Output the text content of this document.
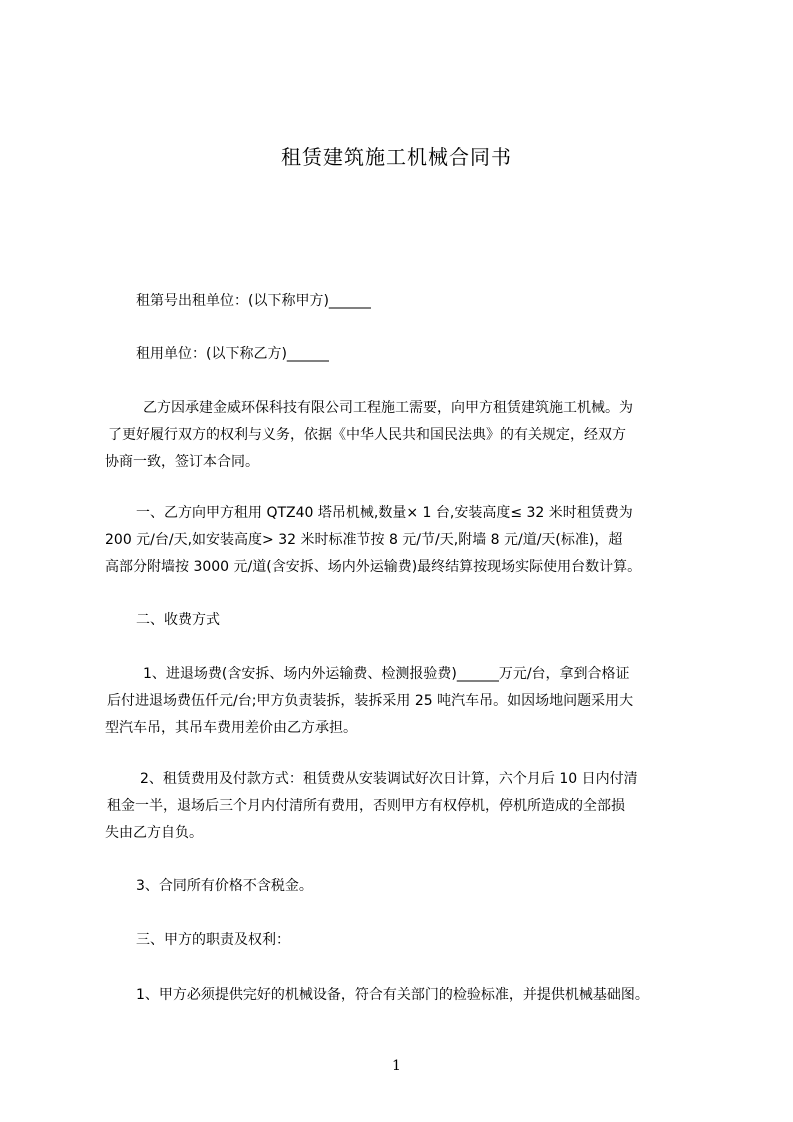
租赁建筑施工机械合同书
租第号出租单位：(以下称甲方)______
租用单位：(以下称乙方)______
乙方因承建金威环保科技有限公司工程施工需要，向甲方租赁建筑施工机械。为
了更好履行双方的权利与义务，依据《中华人民共和国民法典》的有关规定，经双方
协商一致，签订本合同。
一、乙方向甲方租用 QTZ40 塔吊机械,数量× 1 台,安装高度≤ 32 米时租赁费为
200 元/台/天,如安装高度> 32 米时标准节按 8 元/节/天,附墙 8 元/道/天(标准)，超
高部分附墙按 3000 元/道(含安拆、场内外运输费)最终结算按现场实际使用台数计算。
二、收费方式
1、进退场费(含安拆、场内外运输费、检测报验费)______万元/台，拿到合格证
后付进退场费伍仟元/台;甲方负责装拆，装拆采用 25 吨汽车吊。如因场地问题采用大
型汽车吊，其吊车费用差价由乙方承担。
2、租赁费用及付款方式：租赁费从安装调试好次日计算，六个月后 10 日内付清
租金一半，退场后三个月内付清所有费用，否则甲方有权停机，停机所造成的全部损
失由乙方自负。
3、合同所有价格不含税金。
三、甲方的职责及权利：
1、甲方必须提供完好的机械设备，符合有关部门的检验标准，并提供机械基础图。
1
